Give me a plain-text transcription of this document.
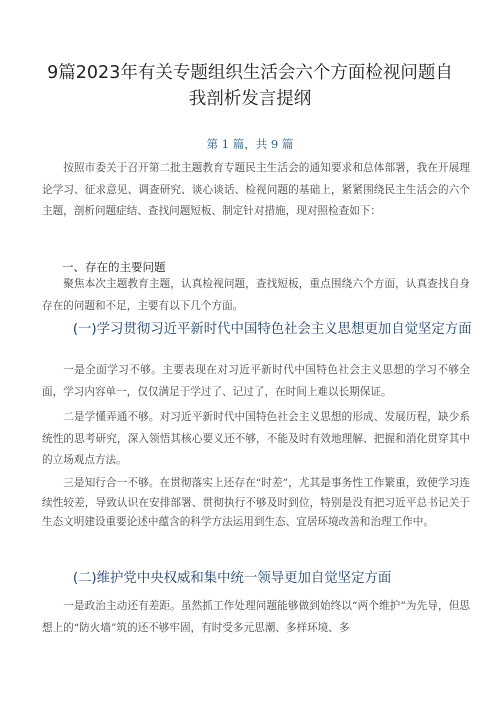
9篇2023年有关专题组织生活会六个方面检视问题自我剖析发言提纲
第 1 篇，共 9 篇

按照市委关于召开第二批主题教育专题民主生活会的通知要求和总体部署，我在开展理论学习、征求意见、调查研究、谈心谈话、检视问题的基础上，紧紧围绕民主生活会的六个主题，剖析问题症结、查找问题短板、制定针对措施，现对照检查如下：

一、存在的主要问题

聚焦本次主题教育主题，认真检视问题，查找短板，重点围绕六个方面，认真查找自身存在的问题和不足，主要有以下几个方面。

(一)学习贯彻习近平新时代中国特色社会主义思想更加自觉坚定方面

一是全面学习不够。主要表现在对习近平新时代中国特色社会主义思想的学习不够全面，学习内容单一，仅仅满足于学过了、记过了，在时间上难以长期保证。

二是学懂弄通不够。对习近平新时代中国特色社会主义思想的形成、发展历程，缺少系统性的思考研究，深入领悟其核心要义还不够，不能及时有效地理解、把握和消化贯穿其中的立场观点方法。

三是知行合一不够。在贯彻落实上还存在“时差”，尤其是事务性工作繁重，致使学习连续性较差，导致认识在安排部署、贯彻执行不够及时到位，特别是没有把习近平总书记关于生态文明建设重要论述中蕴含的科学方法运用到生态、宜居环境改善和治理工作中。

(二)维护党中央权威和集中统一领导更加自觉坚定方面

一是政治主动还有差距。虽然抓工作处理问题能够做到始终以“两个维护”为先导，但思想上的“防火墙”筑的还不够牢固，有时受多元思潮、多样环境、多
